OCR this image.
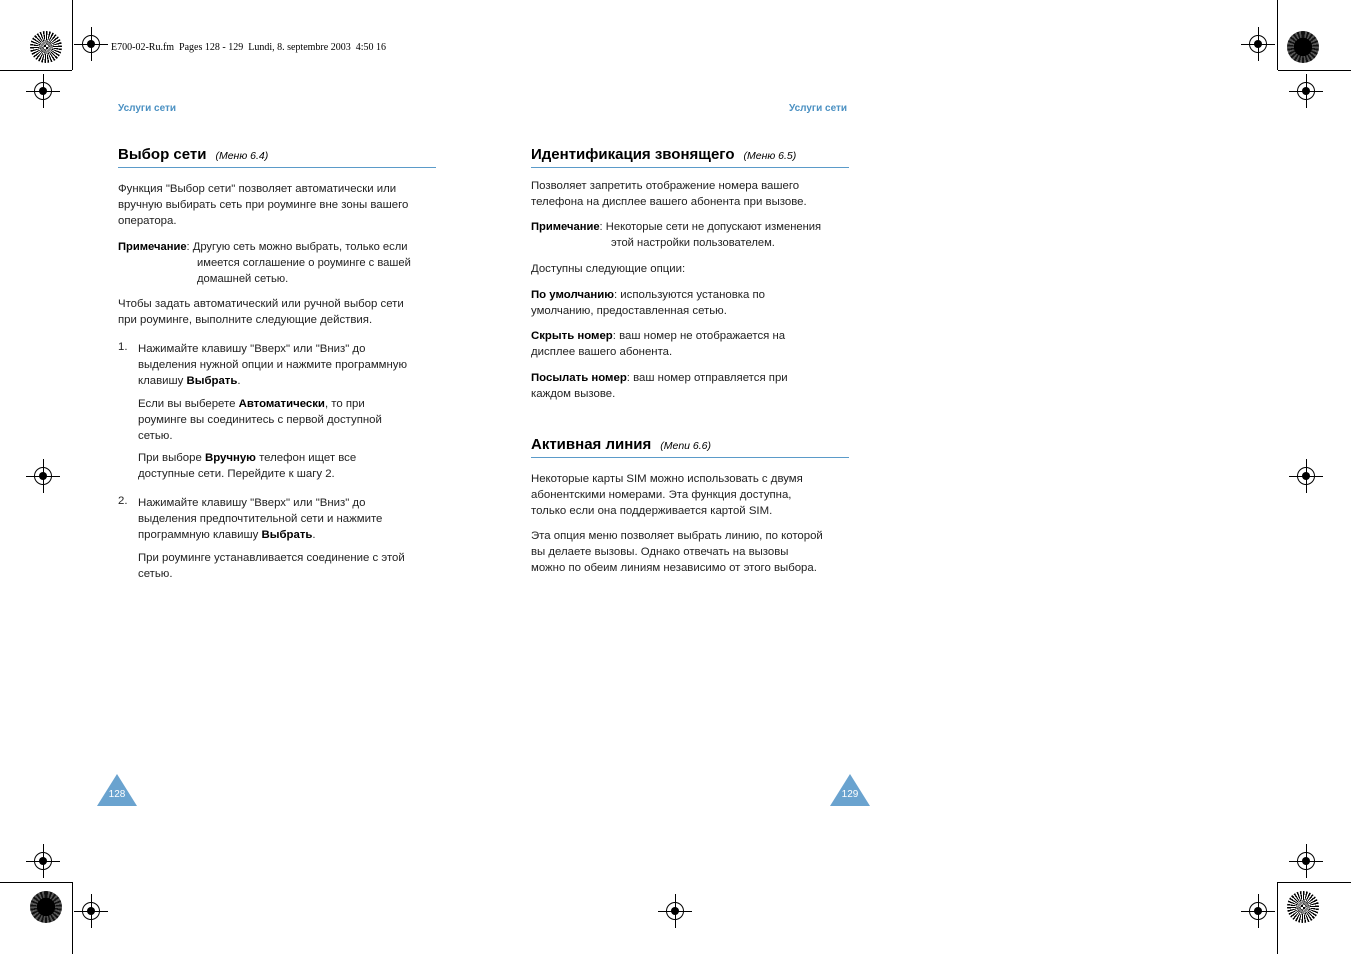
E700-02-Ru.fm  Pages 128 - 129  Lundi, 8. septembre 2003  4:50 16
Услуги сети
Выбор сети (Меню 6.4)

Функция "Выбор сети" позволяет автоматически или

вручную выбирать сеть при роуминге вне зоны вашего

оператора.

Примечание: Другую сеть можно выбрать, только если
имеется соглашение о роуминге с вашей
домашней сетью.

Чтобы задать автоматический или ручной выбор сети

при роуминге, выполните следующие действия.

1. Нажимайте клавишу "Вверх" или "Вниз" до

выделения нужной опции и нажмите программную

клавишу Выбрать.

Если вы выберете Автоматически, то при

роуминге вы соединитесь с первой доступной

сетью.

При выборе Вручную телефон ищет все

доступные сети. Перейдите к шагу 2.

2. Нажимайте клавишу "Вверх" или "Вниз" до

выделения предпочтительной сети и нажмите

программную клавишу Выбрать.

При роуминге устанавливается соединение с этой

сетью.

128
Услуги сети
Идентификация звонящего (Меню 6.5)

Позволяет запретить отображение номера вашего

телефона на дисплее вашего абонента при вызове.

Примечание: Некоторые сети не допускают изменения
этой настройки пользователем.

Доступны следующие опции:

По умолчанию: используются установка по

умолчанию, предоставленная сетью.

Скрыть номер: ваш номер не отображается на

дисплее вашего абонента.

Посылать номер: ваш номер отправляется при

каждом вызове.

Активная линия (Menu 6.6)

Некоторые карты SIM можно использовать с двумя

абонентскими номерами. Эта функция доступна,

только если она поддерживается картой SIM.

Эта опция меню позволяет выбрать линию, по которой

вы делаете вызовы. Однако отвечать на вызовы

можно по обеим линиям независимо от этого выбора.

129
